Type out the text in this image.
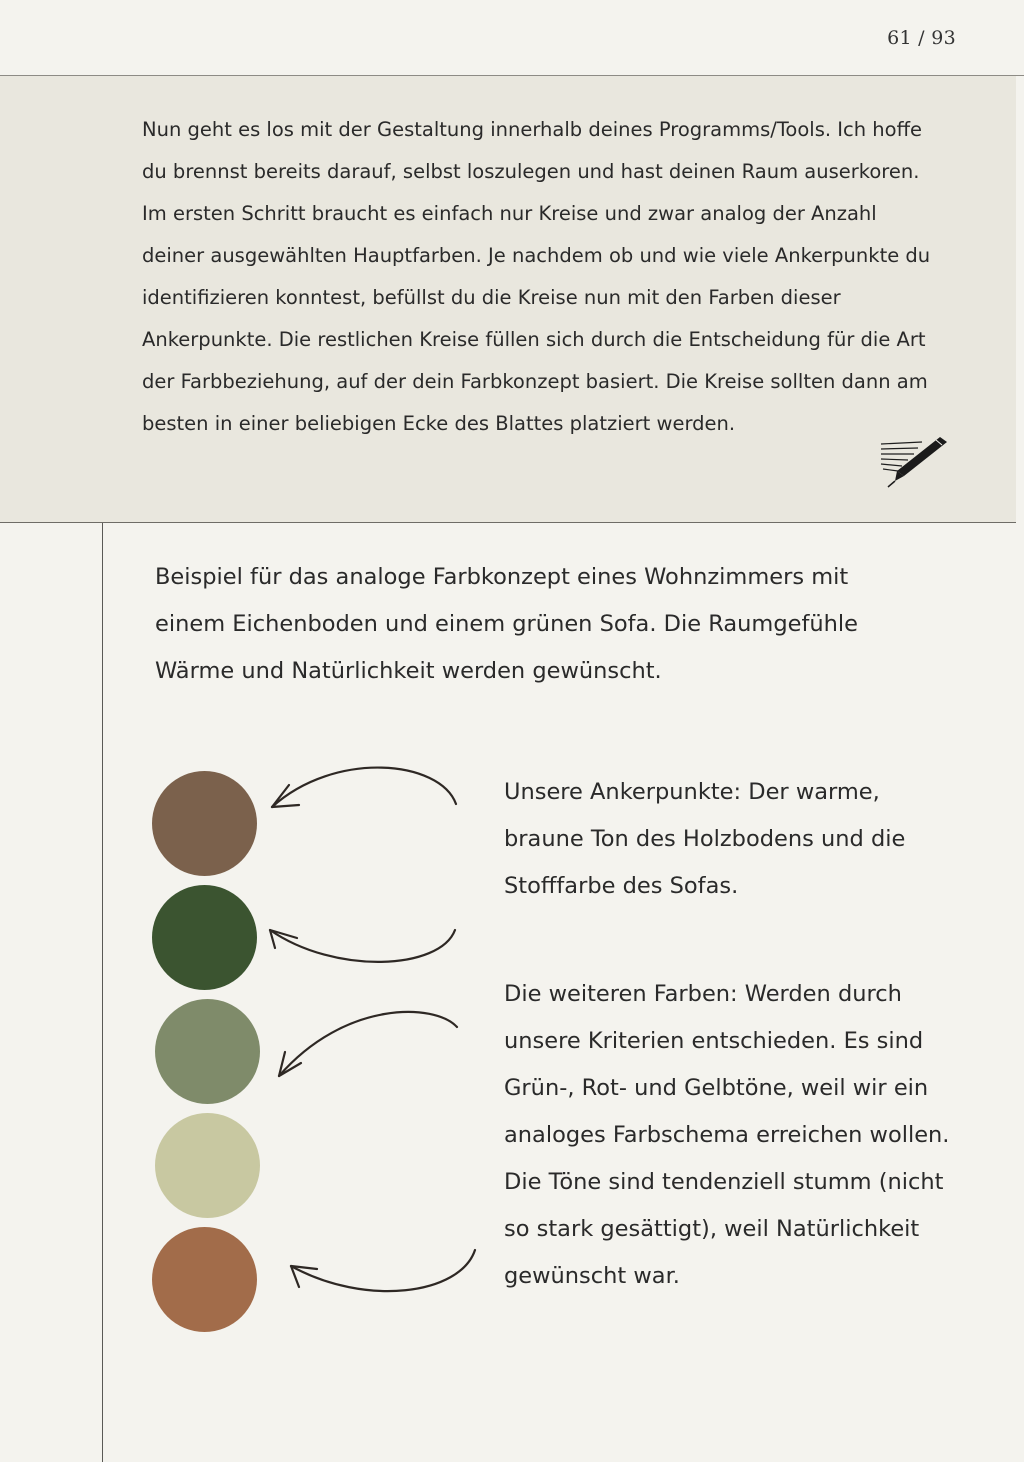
61 / 93

Nun geht es los mit der Gestaltung innerhalb deines Programms/Tools. Ich hoffe du brennst bereits darauf, selbst loszulegen und hast deinen Raum auserkoren. Im ersten Schritt braucht es einfach nur Kreise und zwar analog der Anzahl deiner ausgewählten Hauptfarben. Je nachdem ob und wie viele Ankerpunkte du identifizieren konntest, befüllst du die Kreise nun mit den Farben dieser Ankerpunkte. Die restlichen Kreise füllen sich durch die Entscheidung für die Art der Farbbeziehung, auf der dein Farbkonzept basiert. Die Kreise sollten dann am besten in einer beliebigen Ecke des Blattes platziert werden.

Beispiel für das analoge Farbkonzept eines Wohnzimmers mit einem Eichenboden und einem grünen Sofa. Die Raumgefühle Wärme und Natürlichkeit werden gewünscht.

Unsere Ankerpunkte: Der warme, braune Ton des Holzbodens und die Stofffarbe des Sofas.

Die weiteren Farben: Werden durch unsere Kriterien entschieden. Es sind Grün-, Rot- und Gelbtöne, weil wir ein analoges Farbschema erreichen wollen. Die Töne sind tendenziell stumm (nicht so stark gesättigt), weil Natürlichkeit gewünscht war.
